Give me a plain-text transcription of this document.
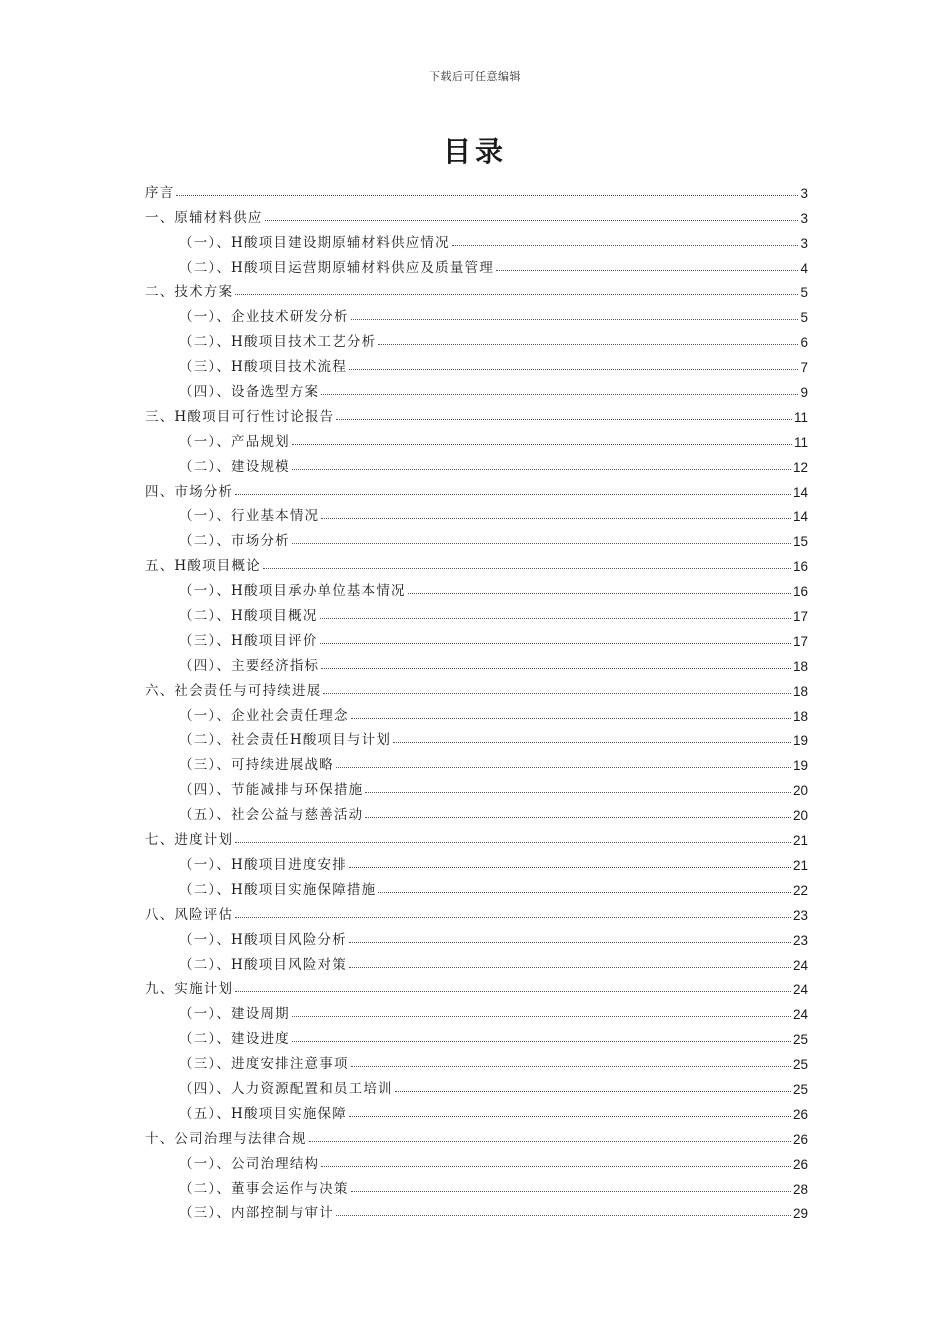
下载后可任意编辑
目录
序言	3
一、原辅材料供应	3
（一）、H酸项目建设期原辅材料供应情况	3
（二）、H酸项目运营期原辅材料供应及质量管理	4
二、技术方案	5
（一）、企业技术研发分析	5
（二）、H酸项目技术工艺分析	6
（三）、H酸项目技术流程	7
（四）、设备选型方案	9
三、H酸项目可行性讨论报告	11
（一）、产品规划	11
（二）、建设规模	12
四、市场分析	14
（一）、行业基本情况	14
（二）、市场分析	15
五、H酸项目概论	16
（一）、H酸项目承办单位基本情况	16
（二）、H酸项目概况	17
（三）、H酸项目评价	17
（四）、主要经济指标	18
六、社会责任与可持续进展	18
（一）、企业社会责任理念	18
（二）、社会责任H酸项目与计划	19
（三）、可持续进展战略	19
（四）、节能减排与环保措施	20
（五）、社会公益与慈善活动	20
七、进度计划	21
（一）、H酸项目进度安排	21
（二）、H酸项目实施保障措施	22
八、风险评估	23
（一）、H酸项目风险分析	23
（二）、H酸项目风险对策	24
九、实施计划	24
（一）、建设周期	24
（二）、建设进度	25
（三）、进度安排注意事项	25
（四）、人力资源配置和员工培训	25
（五）、H酸项目实施保障	26
十、公司治理与法律合规	26
（一）、公司治理结构	26
（二）、董事会运作与决策	28
（三）、内部控制与审计	29
